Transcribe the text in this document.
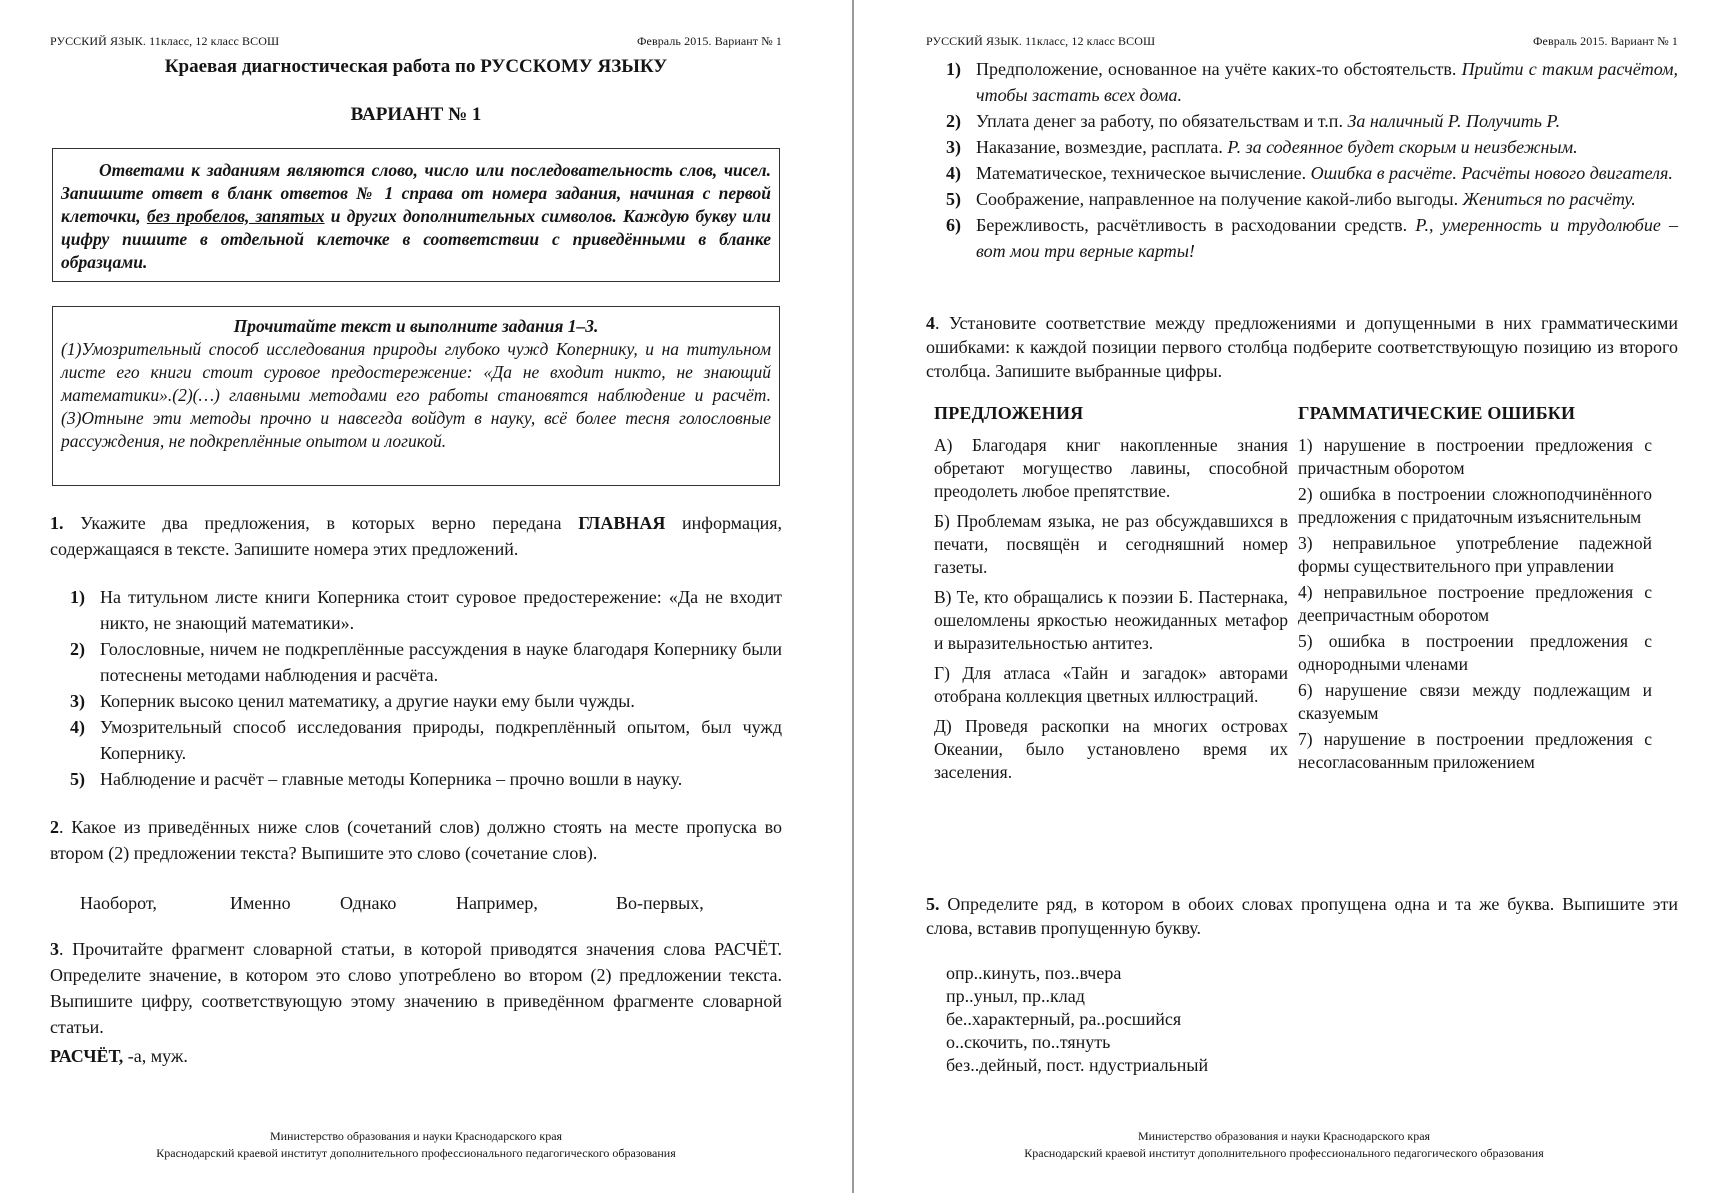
РУССКИЙ ЯЗЫК. 11класс, 12 класс ВСОШ	Февраль 2015. Вариант № 1
Краевая диагностическая работа по РУССКОМУ ЯЗЫКУ
ВАРИАНТ № 1

Ответами к заданиям являются слово, число или последовательность слов, чисел. Запишите ответ в бланк ответов № 1 справа от номера задания, начиная с первой клеточки, без пробелов, запятых и других дополнительных символов. Каждую букву или цифру пишите в отдельной клеточке в соответствии с приведёнными в бланке образцами.

Прочитайте текст и выполните задания 1–3.

(1)Умозрительный способ исследования природы глубоко чужд Копернику, и на титульном листе его книги стоит суровое предостережение: «Да не входит никто, не знающий математики».(2)(…) главными методами его работы становятся наблюдение и расчёт. (3)Отныне эти методы прочно и навсегда войдут в науку, всё более тесня голословные рассуждения, не подкреплённые опытом и логикой.

1. Укажите два предложения, в которых верно передана ГЛАВНАЯ информация, содержащаяся в тексте. Запишите номера этих предложений.

1) На титульном листе книги Коперника стоит суровое предостережение: «Да не входит никто, не знающий математики».
2) Голословные, ничем не подкреплённые рассуждения в науке благодаря Копернику были потеснены методами наблюдения и расчёта.
3) Коперник высоко ценил математику, а другие науки ему были чужды.
4) Умозрительный способ исследования природы, подкреплённый опытом, был чужд Копернику.
5) Наблюдение и расчёт – главные методы Коперника – прочно вошли в науку.

2. Какое из приведённых ниже слов (сочетаний слов) должно стоять на месте пропуска во втором (2) предложении текста? Выпишите это слово (сочетание слов).

Наоборот,	Именно	Однако	Например,	Во-первых,

3. Прочитайте фрагмент словарной статьи, в которой приводятся значения слова РАСЧЁТ. Определите значение, в котором это слово употреблено во втором (2) предложении текста. Выпишите цифру, соответствующую этому значению в приведённом фрагменте словарной статьи.

РАСЧЁТ, -а, муж.
Министерство образования и науки Краснодарского края
Краснодарский краевой институт дополнительного профессионального педагогического образования
РУССКИЙ ЯЗЫК. 11класс, 12 класс ВСОШ	Февраль 2015. Вариант № 1
1) Предположение, основанное на учёте каких-то обстоятельств. Прийти с таким расчётом, чтобы застать всех дома.
2) Уплата денег за работу, по обязательствам и т.п. За наличный Р. Получить Р.
3) Наказание, возмездие, расплата. Р. за содеянное будет скорым и неизбежным.
4) Математическое, техническое вычисление. Ошибка в расчёте. Расчёты нового двигателя.
5) Соображение, направленное на получение какой-либо выгоды. Жениться по расчёту.
6) Бережливость, расчётливость в расходовании средств. Р., умеренность и трудолюбие – вот мои три верные карты!

4. Установите соответствие между предложениями и допущенными в них грамматическими ошибками: к каждой позиции первого столбца подберите соответствующую позицию из второго столбца. Запишите выбранные цифры.

ПРЕДЛОЖЕНИЯ	ГРАММАТИЧЕСКИЕ ОШИБКИ
А) Благодаря книг накопленные знания обретают могущество лавины, способной преодолеть любое препятствие.
Б) Проблемам языка, не раз обсуждавшихся в печати, посвящён и сегодняшний номер газеты.
В) Те, кто обращались к поэзии Б. Пастернака, ошеломлены яркостью неожиданных метафор и выразительностью антитез.
Г) Для атласа «Тайн и загадок» авторами отобрана коллекция цветных иллюстраций.
Д) Проведя раскопки на многих островах Океании, было установлено время их заселения.
1) нарушение в построении предложения с причастным оборотом
2) ошибка в построении сложноподчинённого предложения с придаточным изъяснительным
3) неправильное употребление падежной формы существительного при управлении
4) неправильное построение предложения с деепричастным оборотом
5) ошибка в построении предложения с однородными членами
6) нарушение связи между подлежащим и сказуемым
7) нарушение в построении предложения с несогласованным приложением

5. Определите ряд, в котором в обоих словах пропущена одна и та же буква. Выпишите эти слова, вставив пропущенную букву.

опр..кинуть, поз..вчера
пр..уныл, пр..клад
бе..характерный, ра..росшийся
о..скочить, по..тянуть
без..дейный, пост. ндустриальный
Министерство образования и науки Краснодарского края
Краснодарский краевой институт дополнительного профессионального педагогического образования
